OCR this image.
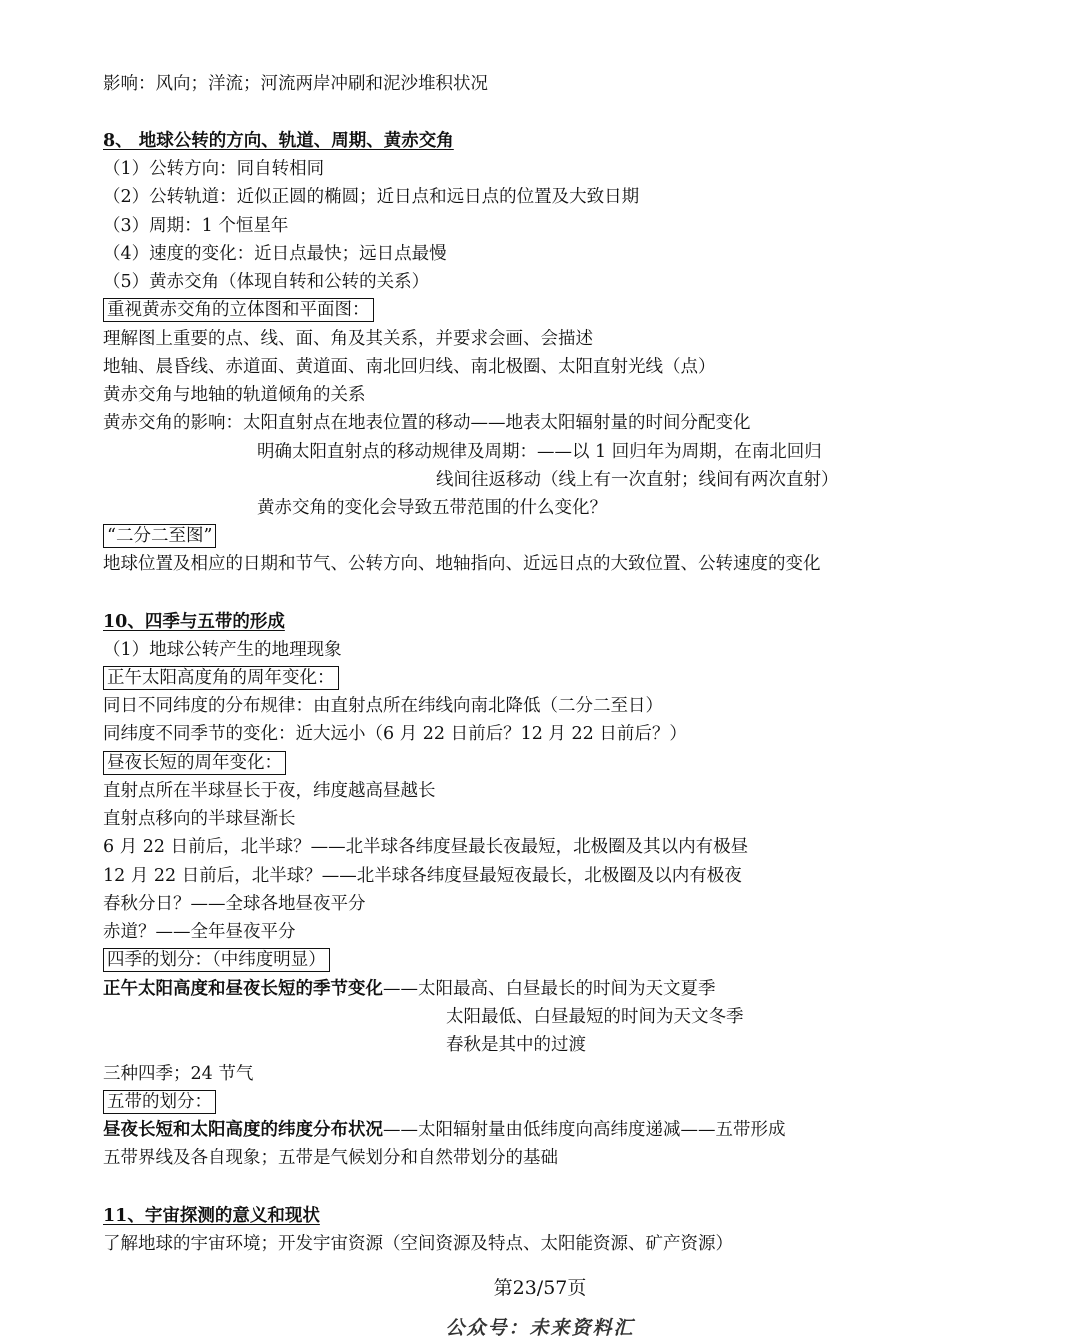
影响：风向；洋流；河流两岸冲刷和泥沙堆积状况
8、 地球公转的方向、轨道、周期、黄赤交角
（1）公转方向：同自转相同
（2）公转轨道：近似正圆的椭圆；近日点和远日点的位置及大致日期
（3）周期：1 个恒星年
（4）速度的变化：近日点最快；远日点最慢
（5）黄赤交角（体现自转和公转的关系）
重视黄赤交角的立体图和平面图：
理解图上重要的点、线、面、角及其关系，并要求会画、会描述
地轴、晨昏线、赤道面、黄道面、南北回归线、南北极圈、太阳直射光线（点）
黄赤交角与地轴的轨道倾角的关系
黄赤交角的影响：太阳直射点在地表位置的移动——地表太阳辐射量的时间分配变化
明确太阳直射点的移动规律及周期：——以 1 回归年为周期，在南北回归
线间往返移动（线上有一次直射；线间有两次直射）
黄赤交角的变化会导致五带范围的什么变化？
“二分二至图”
地球位置及相应的日期和节气、公转方向、地轴指向、近远日点的大致位置、公转速度的变化
10、四季与五带的形成
（1）地球公转产生的地理现象
正午太阳高度角的周年变化：
同日不同纬度的分布规律：由直射点所在纬线向南北降低（二分二至日）
同纬度不同季节的变化：近大远小（6 月 22 日前后？12 月 22 日前后？）
昼夜长短的周年变化：
直射点所在半球昼长于夜，纬度越高昼越长
直射点移向的半球昼渐长
6 月 22 日前后，北半球？——北半球各纬度昼最长夜最短，北极圈及其以内有极昼
12 月 22 日前后，北半球？——北半球各纬度昼最短夜最长，北极圈及以内有极夜
春秋分日？——全球各地昼夜平分
赤道？——全年昼夜平分
四季的划分：（中纬度明显）
正午太阳高度和昼夜长短的季节变化——太阳最高、白昼最长的时间为天文夏季
太阳最低、白昼最短的时间为天文冬季
春秋是其中的过渡
三种四季；24 节气
五带的划分：
昼夜长短和太阳高度的纬度分布状况——太阳辐射量由低纬度向高纬度递减——五带形成
五带界线及各自现象；五带是气候划分和自然带划分的基础
11、宇宙探测的意义和现状
了解地球的宇宙环境；开发宇宙资源（空间资源及特点、太阳能资源、矿产资源）
第23/57页
公众号：未来资料汇
